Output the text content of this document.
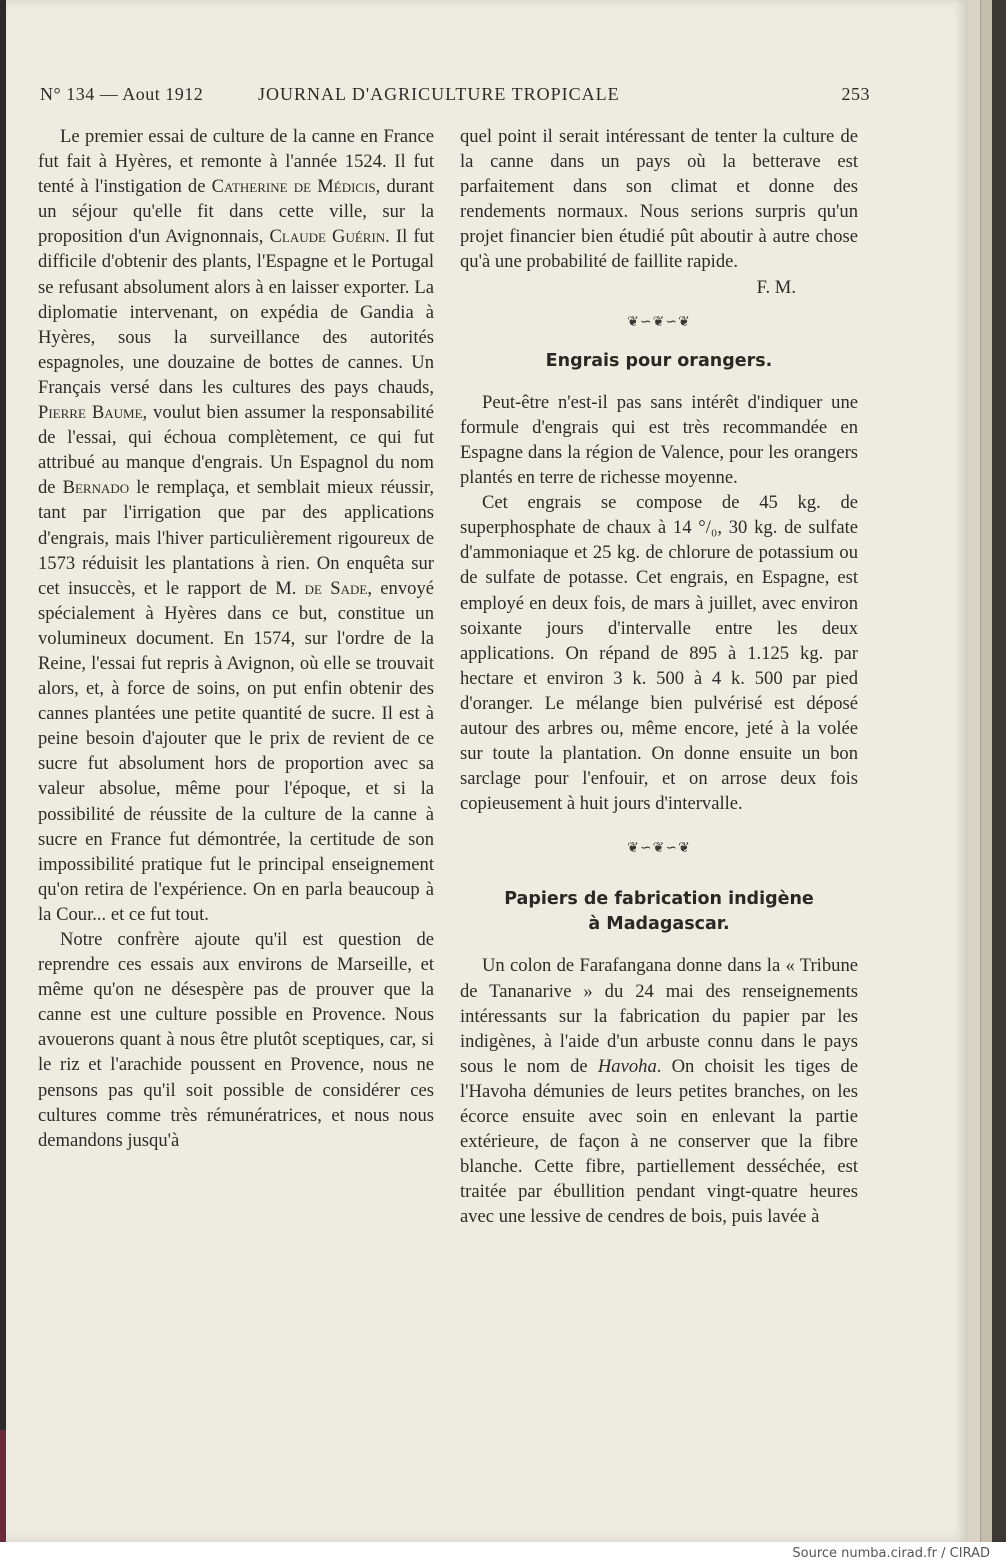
N° 134 — Aout 1912	JOURNAL D'AGRICULTURE TROPICALE	253

Le premier essai de culture de la canne en France fut fait à Hyères, et remonte à l'année 1524. Il fut tenté à l'instigation de Catherine de Médicis, durant un séjour qu'elle fit dans cette ville, sur la proposition d'un Avignonnais, Claude Guérin. Il fut difficile d'obtenir des plants, l'Espagne et le Portugal se refusant absolument alors à en laisser exporter. La diplomatie intervenant, on expédia de Gandia à Hyères, sous la surveillance des autorités espagnoles, une douzaine de bottes de cannes. Un Français versé dans les cultures des pays chauds, Pierre Baume, voulut bien assumer la responsabilité de l'essai, qui échoua complètement, ce qui fut attribué au manque d'engrais. Un Espagnol du nom de Bernado le remplaça, et semblait mieux réussir, tant par l'irrigation que par des applications d'engrais, mais l'hiver particulièrement rigoureux de 1573 réduisit les plantations à rien. On enquêta sur cet insuccès, et le rapport de M. de Sade, envoyé spécialement à Hyères dans ce but, constitue un volumineux document. En 1574, sur l'ordre de la Reine, l'essai fut repris à Avignon, où elle se trouvait alors, et, à force de soins, on put enfin obtenir des cannes plantées une petite quantité de sucre. Il est à peine besoin d'ajouter que le prix de revient de ce sucre fut absolument hors de proportion avec sa valeur absolue, même pour l'époque, et si la possibilité de réussite de la culture de la canne à sucre en France fut démontrée, la certitude de son impossibilité pratique fut le principal enseignement qu'on retira de l'expérience. On en parla beaucoup à la Cour... et ce fut tout.

Notre confrère ajoute qu'il est question de reprendre ces essais aux environs de Marseille, et même qu'on ne désespère pas de prouver que la canne est une culture possible en Provence. Nous avouerons quant à nous être plutôt sceptiques, car, si le riz et l'arachide poussent en Provence, nous ne pensons pas qu'il soit possible de considérer ces cultures comme très rémunératrices, et nous nous demandons jusqu'à

quel point il serait intéressant de tenter la culture de la canne dans un pays où la betterave est parfaitement dans son climat et donne des rendements normaux. Nous serions surpris qu'un projet financier bien étudié pût aboutir à autre chose qu'à une probabilité de faillite rapide.

F. M.

❦∽❦∽❦
Engrais pour orangers.

Peut-être n'est-il pas sans intérêt d'indiquer une formule d'engrais qui est très recommandée en Espagne dans la région de Valence, pour les orangers plantés en terre de richesse moyenne.

Cet engrais se compose de 45 kg. de superphosphate de chaux à 14 °/₀, 30 kg. de sulfate d'ammoniaque et 25 kg. de chlorure de potassium ou de sulfate de potasse. Cet engrais, en Espagne, est employé en deux fois, de mars à juillet, avec environ soixante jours d'intervalle entre les deux applications. On répand de 895 à 1.125 kg. par hectare et environ 3 k. 500 à 4 k. 500 par pied d'oranger. Le mélange bien pulvérisé est déposé autour des arbres ou, même encore, jeté à la volée sur toute la plantation. On donne ensuite un bon sarclage pour l'enfouir, et on arrose deux fois copieusement à huit jours d'intervalle.

❦∽❦∽❦
Papiers de fabrication indigène
à Madagascar.

Un colon de Farafangana donne dans la « Tribune de Tananarive » du 24 mai des renseignements intéressants sur la fabrication du papier par les indigènes, à l'aide d'un arbuste connu dans le pays sous le nom de Havoha. On choisit les tiges de l'Havoha démunies de leurs petites branches, on les écorce ensuite avec soin en enlevant la partie extérieure, de façon à ne conserver que la fibre blanche. Cette fibre, partiellement desséchée, est traitée par ébullition pendant vingt-quatre heures avec une lessive de cendres de bois, puis lavée à

Source numba.cirad.fr / CIRAD
